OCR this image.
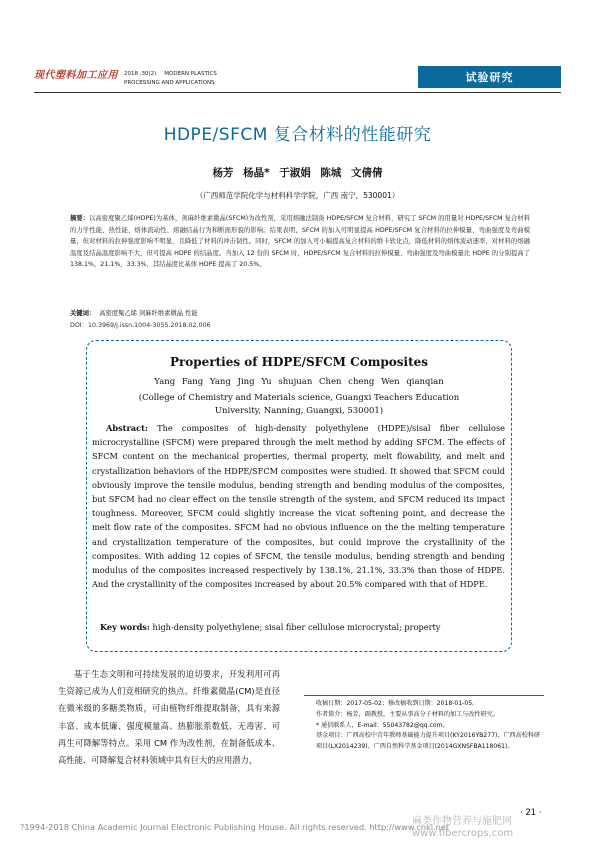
现代塑料加工应用 2018 ,30(2) MODERN PLASTICS
PROCESSING AND APPLICATIONS	试验研究
HDPE/SFCM 复合材料的性能研究
杨芳 杨晶* 于淑娟 陈城 文倩倩
（广西师范学院化学与材料科学学院，广西 南宁，530001）
摘要：以高密度聚乙烯(HDPE)为基体，剑麻纤维素微晶(SFCM)为改性剂，采用熔融法制备 HDPE/SFCM 复合材料，研究了 SFCM 的用量对 HDPE/SFCM 复合材料的力学性能、热性能、熔体流动性、熔融结晶行为和断面形貌的影响。结果表明，SFCM 的加入可明显提高 HDPE/SFCM 复合材料的拉伸模量、弯曲强度及弯曲模量，但对材料的拉伸强度影响不明显，且降低了材料的冲击韧性。同时，SFCM 的加入可小幅提高复合材料的维卡软化点，降低材料的熔体流动速率，对材料的熔融温度及结晶温度影响不大，但可提高 HDPE 的结晶度。当加入 12 份的 SFCM 时，HDPE/SFCM 复合材料的拉伸模量、弯曲强度及弯曲模量比 HDPE 的分别提高了 138.1%，21.1%，33.3%，其结晶度比基体 HDPE 提高了 20.5%。
关键词： 高密度聚乙烯 剑麻纤维素微晶 性能
DOI：10.3969/j.issn.1004-3055.2018.02.006
Properties of HDPE/SFCM Composites
Yang Fang Yang Jing Yu shujuan Chen cheng Wen qianqian
(College of Chemistry and Materials science, Guangxi Teachers Education
University, Nanning, Guangxi, 530001)
Abstract: The composites of high-density polyethylene (HDPE)/sisal fiber cellulose microcrystalline (SFCM) were prepared through the melt method by adding SFCM. The effects of SFCM content on the mechanical properties, thermal property, melt flowability, and melt and crystallization behaviors of the HDPE/SFCM composites were studied. It showed that SFCM could obviously improve the tensile modulus, bending strength and bending modulus of the composites, but SFCM had no clear effect on the tensile strength of the system, and SFCM reduced its impact toughness. Moreover, SFCM could slightly increase the vicat softening point, and decrease the melt flow rate of the composites. SFCM had no obvious influence on the the melting temperature and crystallization temperature of the composites, but could improve the crystallinity of the composites. With adding 12 copies of SFCM, the tensile modulus, bending strength and bending modulus of the composites increased respectively by 138.1%, 21.1%, 33.3% than those of HDPE. And the crystallinity of the composites increased by about 20.5% compared with that of HDPE.
Key words: high-density polyethylene; sisal fiber cellulose microcrystal; property
基于生态文明和可持续发展的迫切要求，开发利用可再生资源已成为人们竞相研究的热点。纤维素微晶(CM)是直径在微米级的多糖类物质，可由植物纤维提取制备，具有来源丰富、成本低廉、强度模量高、热膨胀系数低、无毒害、可再生可降解等特点。采用 CM 作为改性剂，在制备低成本、高性能、可降解复合材料领域中具有巨大的应用潜力，
收稿日期：2017-05-02；修改稿收到日期：2018-01-05。
作者简介：杨芳，副教授，主要从事高分子材料的加工与改性研究。
* 通信联系人，E-mail：55043782@qq.com。
基金项目：广西高校中青年教师基础能力提升项目(KY2016YB277)、广西高校科研项目(LX2014239)、广西自然科学基金项目(2014GXNSFBA118061)。
· 21 ·
?1994-2018 China Academic Journal Electronic Publishing House. All rights reserved. http://www.cnki.net
麻类作物营养与施肥网
www.fibercrops.com
